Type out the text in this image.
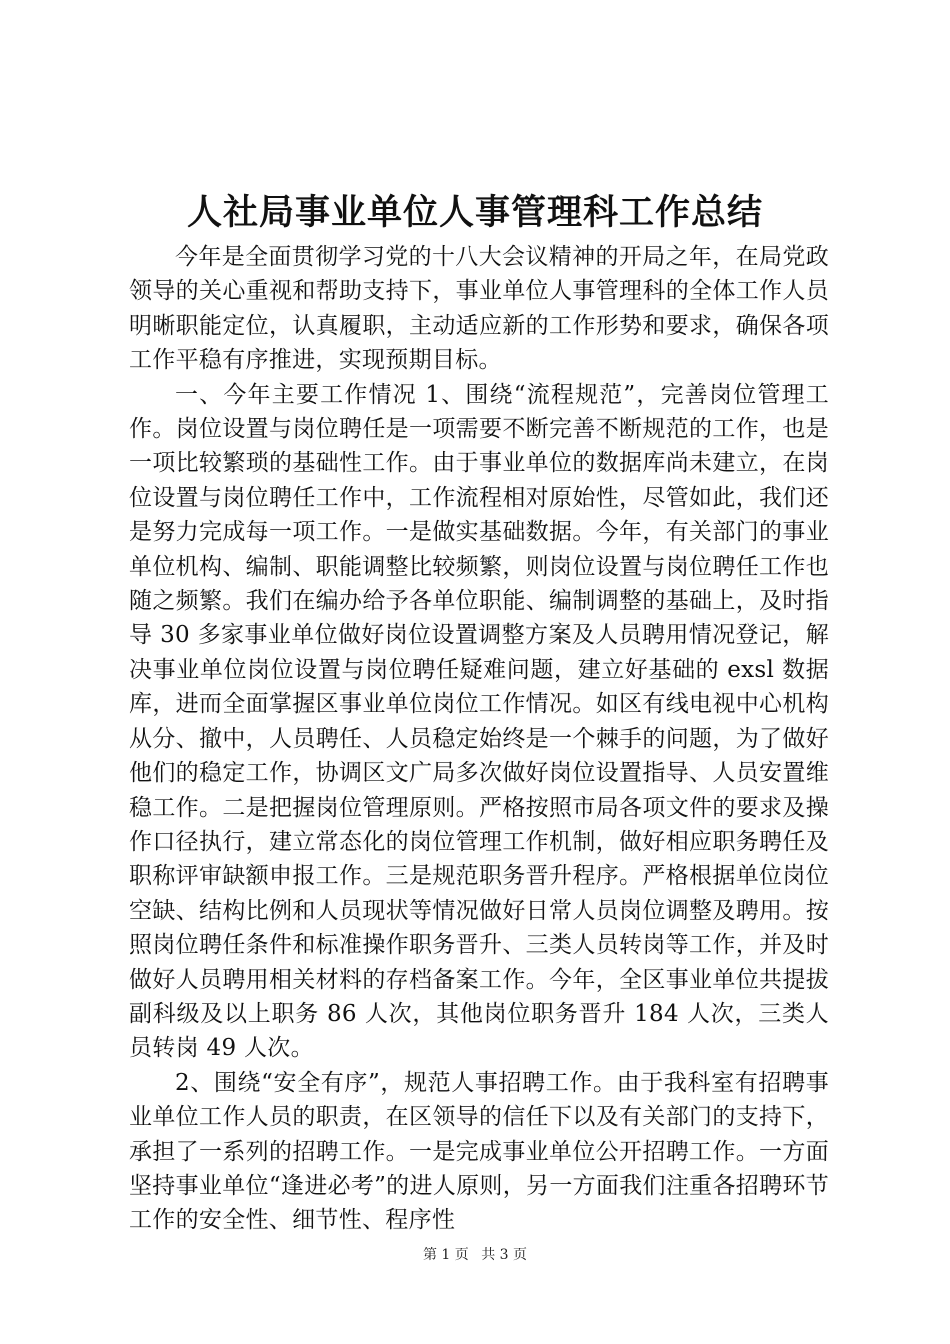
人社局事业单位人事管理科工作总结

今年是全面贯彻学习党的十八大会议精神的开局之年，在局党政领导的关心重视和帮助支持下，事业单位人事管理科的全体工作人员明晰职能定位，认真履职，主动适应新的工作形势和要求，确保各项工作平稳有序推进，实现预期目标。

一、今年主要工作情况 1、围绕“流程规范”，完善岗位管理工作。岗位设置与岗位聘任是一项需要不断完善不断规范的工作，也是一项比较繁琐的基础性工作。由于事业单位的数据库尚未建立，在岗位设置与岗位聘任工作中，工作流程相对原始性，尽管如此，我们还是努力完成每一项工作。一是做实基础数据。今年，有关部门的事业单位机构、编制、职能调整比较频繁，则岗位设置与岗位聘任工作也随之频繁。我们在编办给予各单位职能、编制调整的基础上，及时指导 30 多家事业单位做好岗位设置调整方案及人员聘用情况登记，解决事业单位岗位设置与岗位聘任疑难问题，建立好基础的 exsl 数据库，进而全面掌握区事业单位岗位工作情况。如区有线电视中心机构从分、撤中，人员聘任、人员稳定始终是一个棘手的问题，为了做好他们的稳定工作，协调区文广局多次做好岗位设置指导、人员安置维稳工作。二是把握岗位管理原则。严格按照市局各项文件的要求及操作口径执行，建立常态化的岗位管理工作机制，做好相应职务聘任及职称评审缺额申报工作。三是规范职务晋升程序。严格根据单位岗位空缺、结构比例和人员现状等情况做好日常人员岗位调整及聘用。按照岗位聘任条件和标准操作职务晋升、三类人员转岗等工作，并及时做好人员聘用相关材料的存档备案工作。今年，全区事业单位共提拔副科级及以上职务 86 人次，其他岗位职务晋升 184 人次，三类人员转岗 49 人次。

2、围绕“安全有序”，规范人事招聘工作。由于我科室有招聘事业单位工作人员的职责，在区领导的信任下以及有关部门的支持下，承担了一系列的招聘工作。一是完成事业单位公开招聘工作。一方面坚持事业单位“逢进必考”的进人原则，另一方面我们注重各招聘环节工作的安全性、细节性、程序性

第 1 页 共 3 页
